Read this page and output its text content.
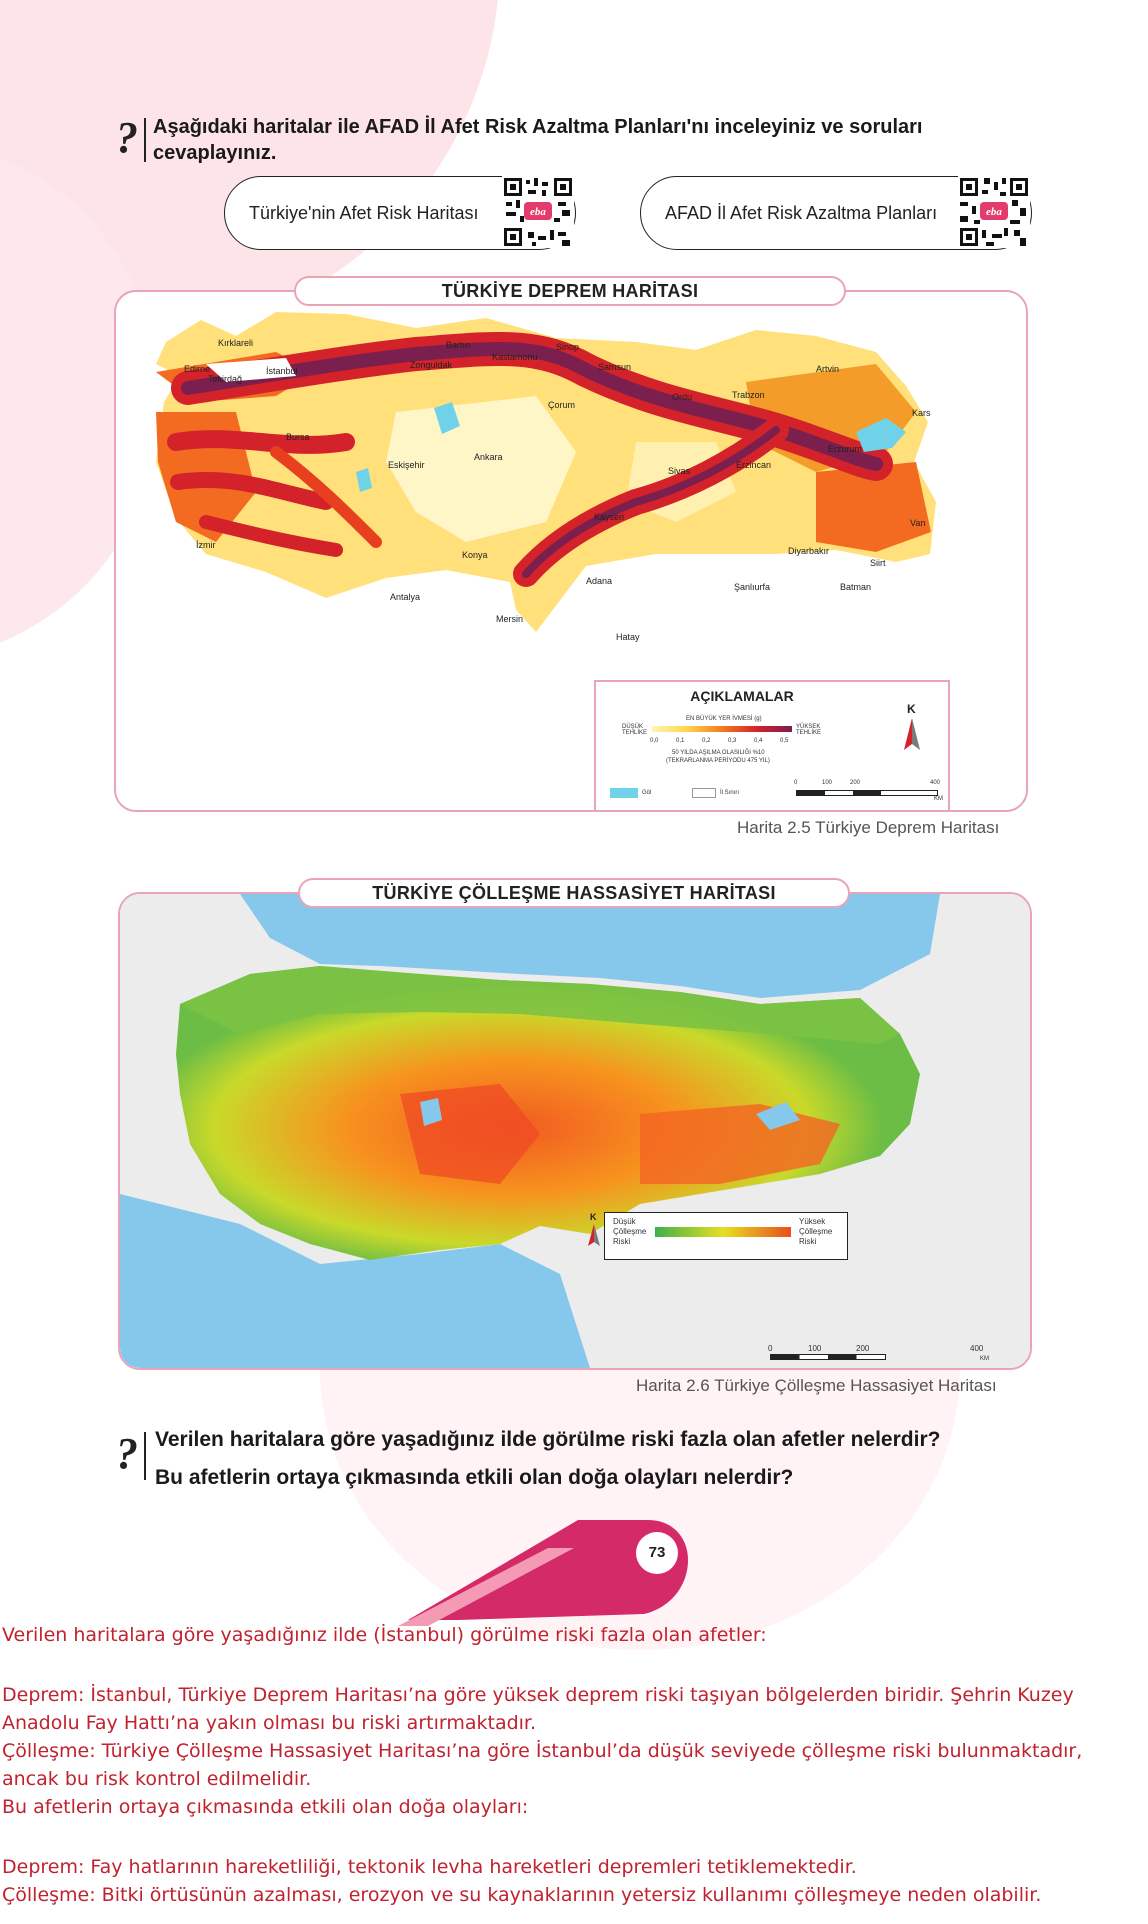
? Aşağıdaki haritalar ile AFAD İl Afet Risk Azaltma Planları'nı inceleyiniz ve soruları
cevaplayınız.
Türkiye'nin Afet Risk Haritası	eba	AFAD İl Afet Risk Azaltma Planları	eba
Kırklareli
Edirne
Tekirdağ
İstanbul
Bartın
Zonguldak
Kastamonu
Sinop
Samsun	Artvin
Kars
Trabzon
Ordu
Erzurum
Erzincan
Van
Sivas
Çorum
Ankara
Bursa
Eskişehir
İzmir
Antalya
Konya
Mersin
Adana
Hatay
Kayseri
Şanlıurfa
Diyarbakır
Batman
Siirt
AÇIKLAMALAR
EN BÜYÜK YER İVMESİ (g)
DÜŞÜK TEHLİKE
YÜKSEK TEHLİKE
0,0	0,1	0,2	0,3	0,4	0,5
50 YILDA AŞILMA OLASILIĞI %10
(TEKRARLANMA PERİYODU 475 YIL)
Göl	İl Sınırı
K
0	100	200	400
KM
TÜRKİYE DEPREM HARİTASI
Harita 2.5 Türkiye Deprem Haritası
Düşük
Çölleşme
Riski
Yüksek
Çölleşme
Riski
K
0	100	200	400
KM
TÜRKİYE ÇÖLLEŞME HASSASİYET HARİTASI
Harita 2.6 Türkiye Çölleşme Hassasiyet Haritası
? Verilen haritalara göre yaşadığınız ilde görülme riski fazla olan afetler nelerdir?
Bu afetlerin ortaya çıkmasında etkili olan doğa olayları nelerdir?
73
Verilen haritalara göre yaşadığınız ilde (İstanbul) görülme riski fazla olan afetler:
Deprem: İstanbul, Türkiye Deprem Haritası’na göre yüksek deprem riski taşıyan bölgelerden biridir. Şehrin Kuzey
Anadolu Fay Hattı’na yakın olması bu riski artırmaktadır.
Çölleşme: Türkiye Çölleşme Hassasiyet Haritası’na göre İstanbul’da düşük seviyede çölleşme riski bulunmaktadır,
ancak bu risk kontrol edilmelidir.
Bu afetlerin ortaya çıkmasında etkili olan doğa olayları:
Deprem: Fay hatlarının hareketliliği, tektonik levha hareketleri depremleri tetiklemektedir.
Çölleşme: Bitki örtüsünün azalması, erozyon ve su kaynaklarının yetersiz kullanımı çölleşmeye neden olabilir.
